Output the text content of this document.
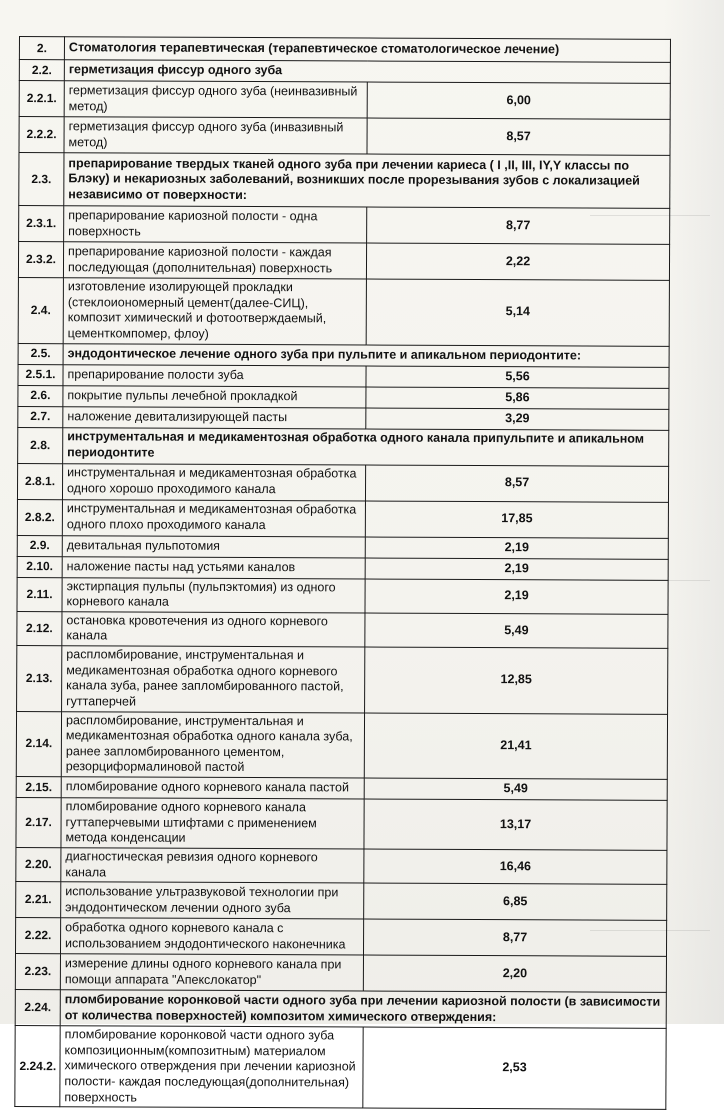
2.	Стоматология терапевтическая (терапевтическое стоматологическое лечение)	
2.2.	герметизация фиссур одного зуба	
2.2.1.	герметизация фиссур одного зуба (неинвазивный метод)	6,00
2.2.2.	герметизация фиссур одного зуба (инвазивный метод)	8,57
2.3.	препарирование твердых тканей одного зуба при лечении кариеса ( I ,II, III, IY,Y классы по Блэку) и некариозных заболеваний, возникших после прорезывания зубов с локализацией независимо от поверхности:	
2.3.1.	препарирование кариозной полости - одна поверхность	8,77
2.3.2.	препарирование кариозной полости - каждая последующая (дополнительная) поверхность	2,22
2.4.	изготовление изолирующей прокладки (стеклоиономерный цемент(далее-СИЦ), композит химический и фотоотверждаемый, цементкомпомер, флоу)	5,14
2.5.	эндодонтическое лечение одного зуба при пульпите и апикальном периодонтите:	
2.5.1.	препарирование полости зуба	5,56
2.6.	покрытие пульпы лечебной прокладкой	5,86
2.7.	наложение девитализирующей пасты	3,29
2.8.	инструментальная и медикаментозная обработка одного канала припульпите и апикальном периодонтите	
2.8.1.	инструментальная и медикаментозная обработка одного хорошо проходимого канала	8,57
2.8.2.	инструментальная и медикаментозная обработка одного плохо проходимого канала	17,85
2.9.	девитальная пульпотомия	2,19
2.10.	наложение пасты над устьями каналов	2,19
2.11.	экстирпация пульпы (пульпэктомия) из одного корневого канала	2,19
2.12.	остановка кровотечения из одного корневого канала	5,49
2.13.	распломбирование, инструментальная и медикаментозная обработка одного корневого канала зуба, ранее запломбированного пастой, гуттаперчей	12,85
2.14.	распломбирование, инструментальная и медикаментозная обработка одного канала зуба, ранее запломбированного цементом, резорциформалиновой пастой	21,41
2.15.	пломбирование одного корневого канала пастой	5,49
2.17.	пломбирование одного корневого канала гуттаперчевыми штифтами с применением метода конденсации	13,17
2.20.	диагностическая ревизия одного корневого канала	16,46
2.21.	использование ультразвуковой технологии при эндодонтическом лечении одного зуба	6,85
2.22.	обработка одного корневого канала с использованием эндодонтического наконечника	8,77
2.23.	измерение длины одного корневого канала при помощи аппарата "Апекслокатор"	2,20
2.24.	пломбирование коронковой части одного зуба при лечении кариозной полости (в зависимости от количества поверхностей) композитом химического отверждения:	
2.24.2.	пломбирование коронковой части одного зуба композиционным(композитным) материалом химического отверждения при лечении кариозной полости- каждая последующая(дополнительная) поверхность	2,53
